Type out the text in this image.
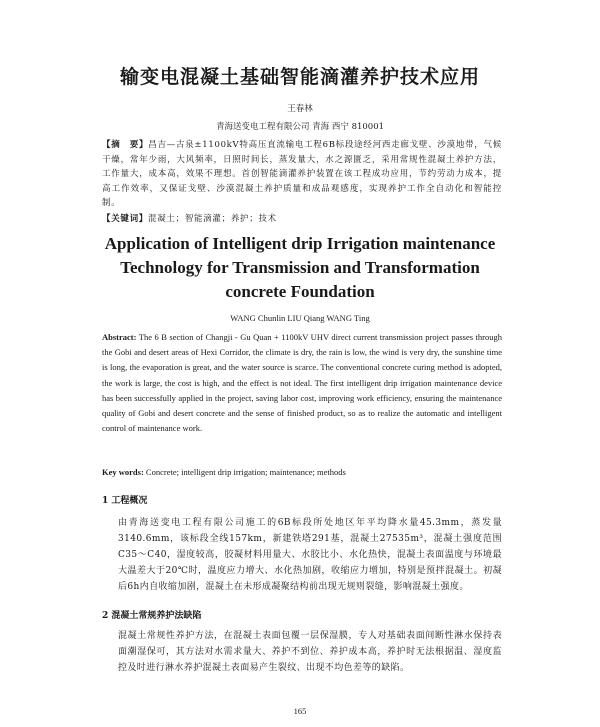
输变电混凝土基础智能滴灌养护技术应用
王春林
青海送变电工程有限公司 青海 西宁 810001
【摘　要】昌吉—古泉±1100kV特高压直流输电工程6B标段途经河西走廊戈壁、沙漠地带，气候干燥，常年少雨，大风频率，日照时间长，蒸发量大，水之源匮乏，采用常规性混凝土养护方法，工作量大，成本高，效果不理想。首创智能滴灌养护装置在该工程成功应用，节约劳动力成本，提高工作效率，又保证戈壁、沙漠混凝土养护质量和成品观感度，实现养护工作全自动化和智能控制。
【关键词】混凝土；智能滴灌；养护；技术
Application of Intelligent drip Irrigation maintenance
Technology for Transmission and Transformation
concrete Foundation
WANG Chunlin LIU Qiang WANG Ting
Abstract: The 6 B section of Changji - Gu Quan + 1100kV UHV direct current transmission project passes through the Gobi and desert areas of Hexi Corridor, the climate is dry, the rain is low, the wind is very dry, the sunshine time is long, the evaporation is great, and the water source is scarce. The conventional concrete curing method is adopted, the work is large, the cost is high, and the effect is not ideal. The first intelligent drip irrigation maintenance device has been successfully applied in the project, saving labor cost, improving work efficiency, ensuring the maintenance quality of Gobi and desert concrete and the sense of finished product, so as to realize the automatic and intelligent control of maintenance work.
Key words: Concrete; intelligent drip irrigation; maintenance; methods
1 工程概况
由青海送变电工程有限公司施工的6B标段所处地区年平均降水量45.3mm，蒸发量3140.6mm，该标段全线157km，新建铁塔291基，混凝土27535m³，混凝土强度范围C35～C40，湿度较高，胶凝材料用量大、水胶比小、水化热快，混凝土表面温度与环境最大温差大于20℃时，温度应力增大、水化热加剧，收缩应力增加，特别是预拌混凝土。初凝后6h内自收缩加剧，混凝土在未形成凝聚结构前出现无规则裂缝，影响混凝土强度。
2 混凝土常规养护法缺陷
混凝土常规性养护方法，在混凝土表面包覆一层保湿膜，专人对基础表面间断性淋水保持表面潮湿保可，其方法对水需求量大、养护不到位、养护成本高，养护时无法根据温、湿度监控及时进行淋水养护混凝土表面易产生裂纹、出现不均色差等的缺陷。
165
